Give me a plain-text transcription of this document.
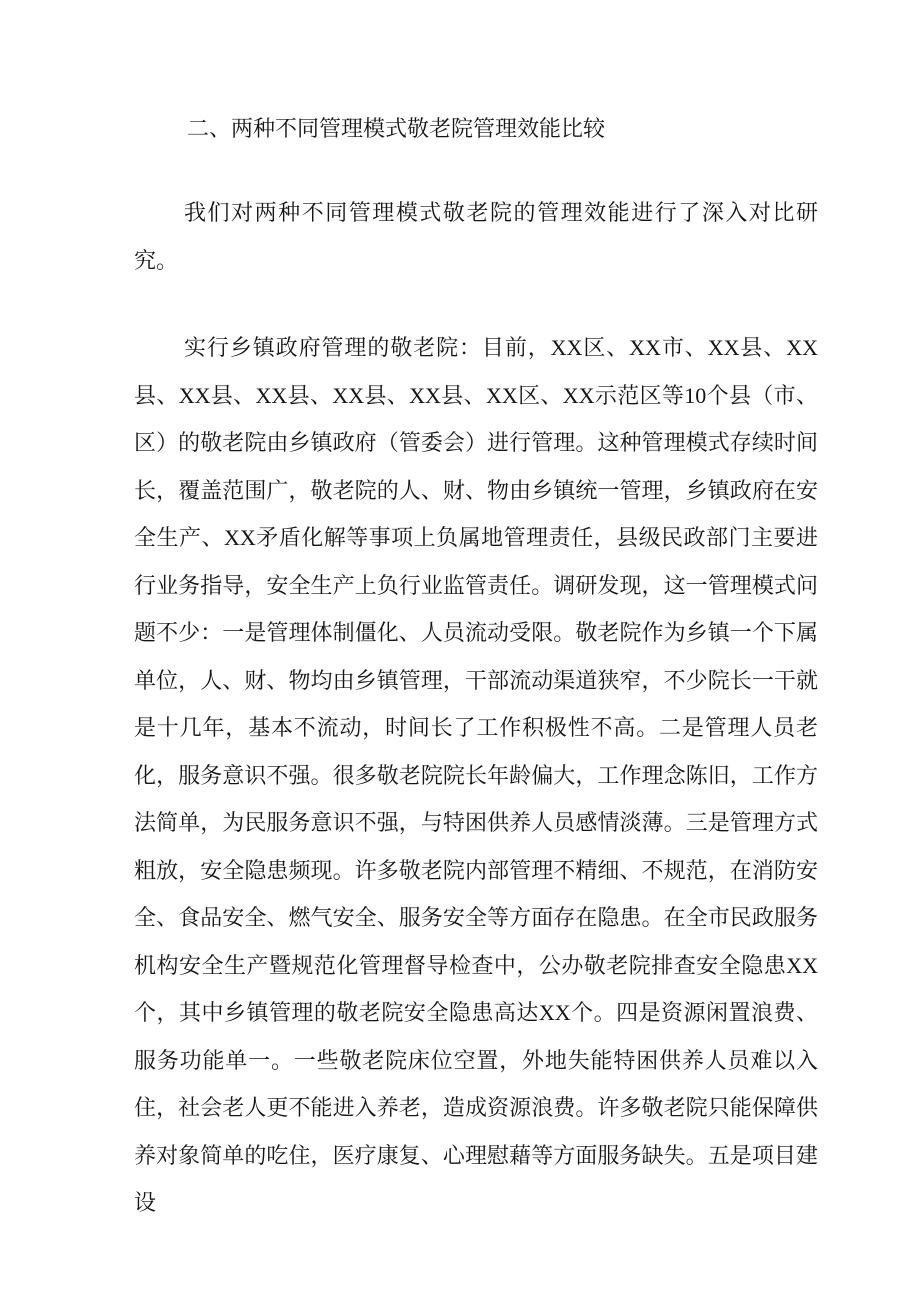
二、两种不同管理模式敬老院管理效能比较
我们对两种不同管理模式敬老院的管理效能进行了深入对比研究。
实行乡镇政府管理的敬老院：目前，XX区、XX市、XX县、XX县、XX县、XX县、XX县、XX县、XX区、XX示范区等10个县（市、区）的敬老院由乡镇政府（管委会）进行管理。这种管理模式存续时间长，覆盖范围广，敬老院的人、财、物由乡镇统一管理，乡镇政府在安全生产、XX矛盾化解等事项上负属地管理责任，县级民政部门主要进行业务指导，安全生产上负行业监管责任。调研发现，这一管理模式问题不少：一是管理体制僵化、人员流动受限。敬老院作为乡镇一个下属单位，人、财、物均由乡镇管理，干部流动渠道狭窄，不少院长一干就是十几年，基本不流动，时间长了工作积极性不高。二是管理人员老化，服务意识不强。很多敬老院院长年龄偏大，工作理念陈旧，工作方法简单，为民服务意识不强，与特困供养人员感情淡薄。三是管理方式粗放，安全隐患频现。许多敬老院内部管理不精细、不规范，在消防安全、食品安全、燃气安全、服务安全等方面存在隐患。在全市民政服务机构安全生产暨规范化管理督导检查中，公办敬老院排查安全隐患XX个，其中乡镇管理的敬老院安全隐患高达XX个。四是资源闲置浪费、服务功能单一。一些敬老院床位空置，外地失能特困供养人员难以入住，社会老人更不能进入养老，造成资源浪费。许多敬老院只能保障供养对象简单的吃住，医疗康复、心理慰藉等方面服务缺失。五是项目建设
